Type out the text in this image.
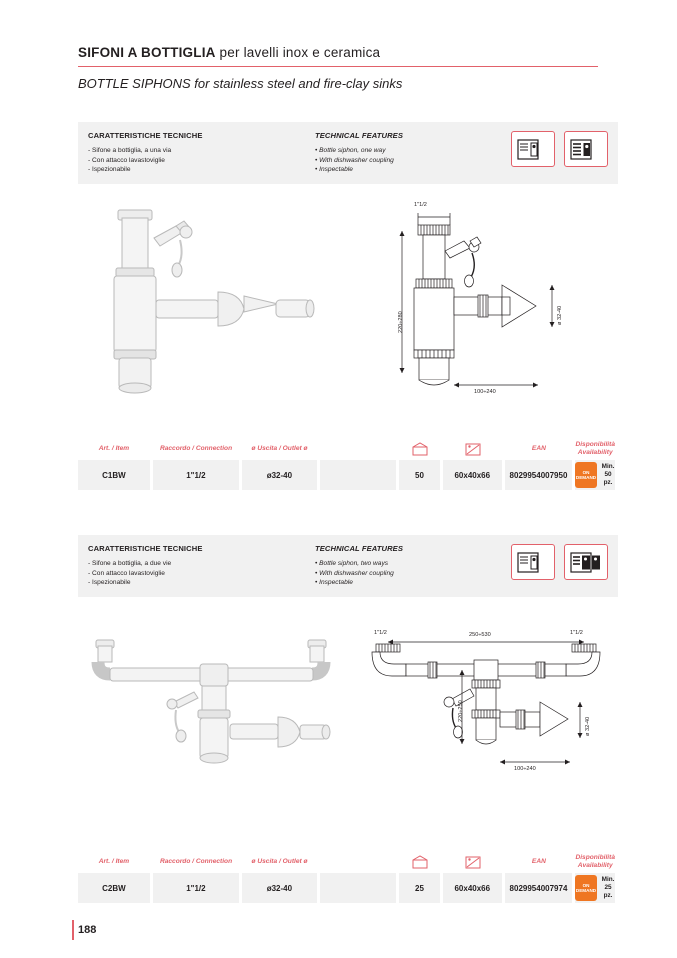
SIFONI A BOTTIGLIA per lavelli inox e ceramica
BOTTLE SIPHONS for stainless steel and fire-clay sinks
CARATTERISTICHE TECNICHE
- Sifone a bottiglia, a una via
- Con attacco lavastoviglie
- Ispezionabile
TECHNICAL FEATURES
• Bottle siphon, one way
• With dishwasher coupling
• Inspectable
1"1/2
220÷280	ø 32-40
100÷240
Art. / Item	Raccordo / Connection	ø Uscita / Outlet ø	EAN
Disponibilità
Availability
C1BW	1"1/2	ø32-40	50	60x40x66	8029954007950	ON
DEMAND
Min.
50 pz.
CARATTERISTICHE TECNICHE
- Sifone a bottiglia, a due vie
- Con attacco lavastoviglie
- Ispezionabile
TECHNICAL FEATURES
• Bottle siphon, two ways
• With dishwasher coupling
• Inspectable
1"1/2	1"1/2
250÷530
220÷250
ø 32-40
100÷240
Art. / Item	Raccordo / Connection	ø Uscita / Outlet ø	EAN
Disponibilità
Availability
C2BW	1"1/2	ø32-40	25	60x40x66	8029954007974	ON
DEMAND
Min.
25 pz.
188
